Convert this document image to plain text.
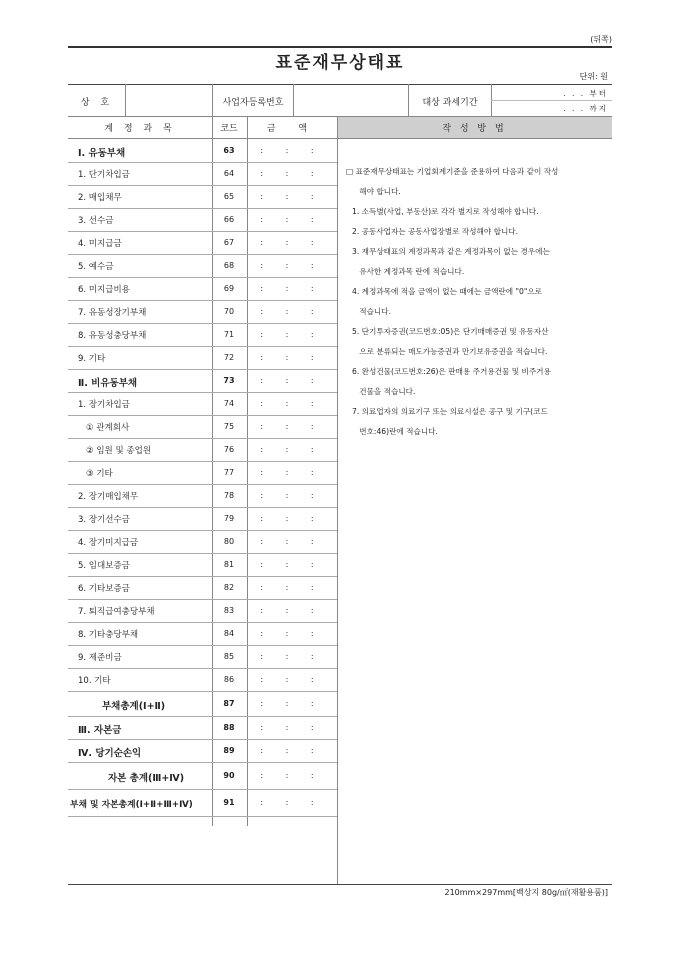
(뒤쪽)
표준재무상태표
단위: 원
상 호	사업자등록번호	대상 과세기간
. . . 부터
. . . 까지
계 정 과 목	코드	금 액	작 성 방 법
Ⅰ. 유동부채	63	: : :
1. 단기차입금	64	: : :
2. 매입채무	65	: : :
3. 선수금	66	: : :
4. 미지급금	67	: : :
5. 예수금	68	: : :
6. 미지급비용	69	: : :
7. 유동성장기부채	70	: : :
8. 유동성충당부채	71	: : :
9. 기타	72	: : :
Ⅱ. 비유동부채	73	: : :
1. 장기차입금	74	: : :
① 관계회사	75	: : :
② 임원 및 종업원	76	: : :
③ 기타	77	: : :
2. 장기매입채무	78	: : :
3. 장기선수금	79	: : :
4. 장기미지급금	80	: : :
5. 임대보증금	81	: : :
6. 기타보증금	82	: : :
7. 퇴직급여충당부채	83	: : :
8. 기타충당부채	84	: : :
9. 제준비금	85	: : :
10. 기타	86	: : :
부채총계(Ⅰ+Ⅱ)	87	: : :
Ⅲ. 자본금	88	: : :
Ⅳ. 당기순손익	89	: : :
자본 총계(Ⅲ+Ⅳ)	90	: : :
부채 및 자본총계(Ⅰ+Ⅱ+Ⅲ+Ⅳ)	91	: : :
210mm×297mm[백상지 80g/㎡(재활용품)]
□ 표준재무상태표는 기업회계기준을 준용하여 다음과 같이 작성
해야 합니다.
1. 소득별(사업, 부동산)로 각각 별지로 작성해야 합니다.
2. 공동사업자는 공동사업장별로 작성해야 합니다.
3. 재무상태표의 계정과목과 같은 계정과목이 없는 경우에는
유사한 계정과목 란에 적습니다.
4. 계정과목에 적을 금액이 없는 때에는 금액란에 "0"으로
적습니다.
5. 단기투자증권(코드번호:05)은 단기매매증권 및 유동자산
으로 분류되는 매도가능증권과 만기보유증권을 적습니다.
6. 완성건물(코드번호:26)은 판매용 주거용건물 및 비주거용
건물을 적습니다.
7. 의료업자의 의료기구 또는 의료시설은 공구 및 기구(코드
번호:46)란에 적습니다.
